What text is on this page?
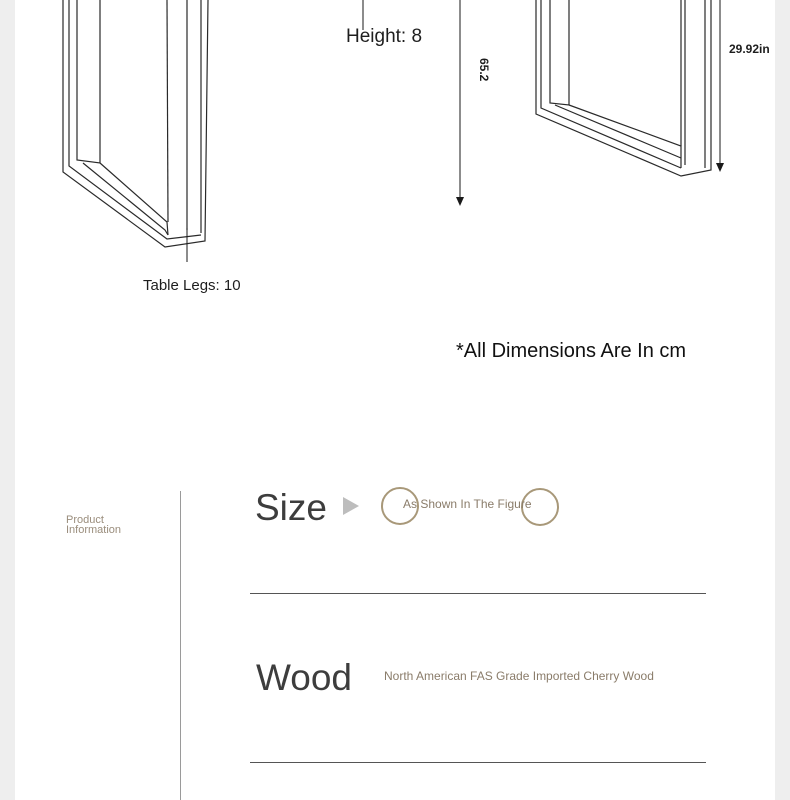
Height: 8
65.2
29.92in
Table Legs: 10
*All Dimensions Are In cm
Product Information
Size	As Shown In The Figure
Wood	North American FAS Grade Imported Cherry Wood
